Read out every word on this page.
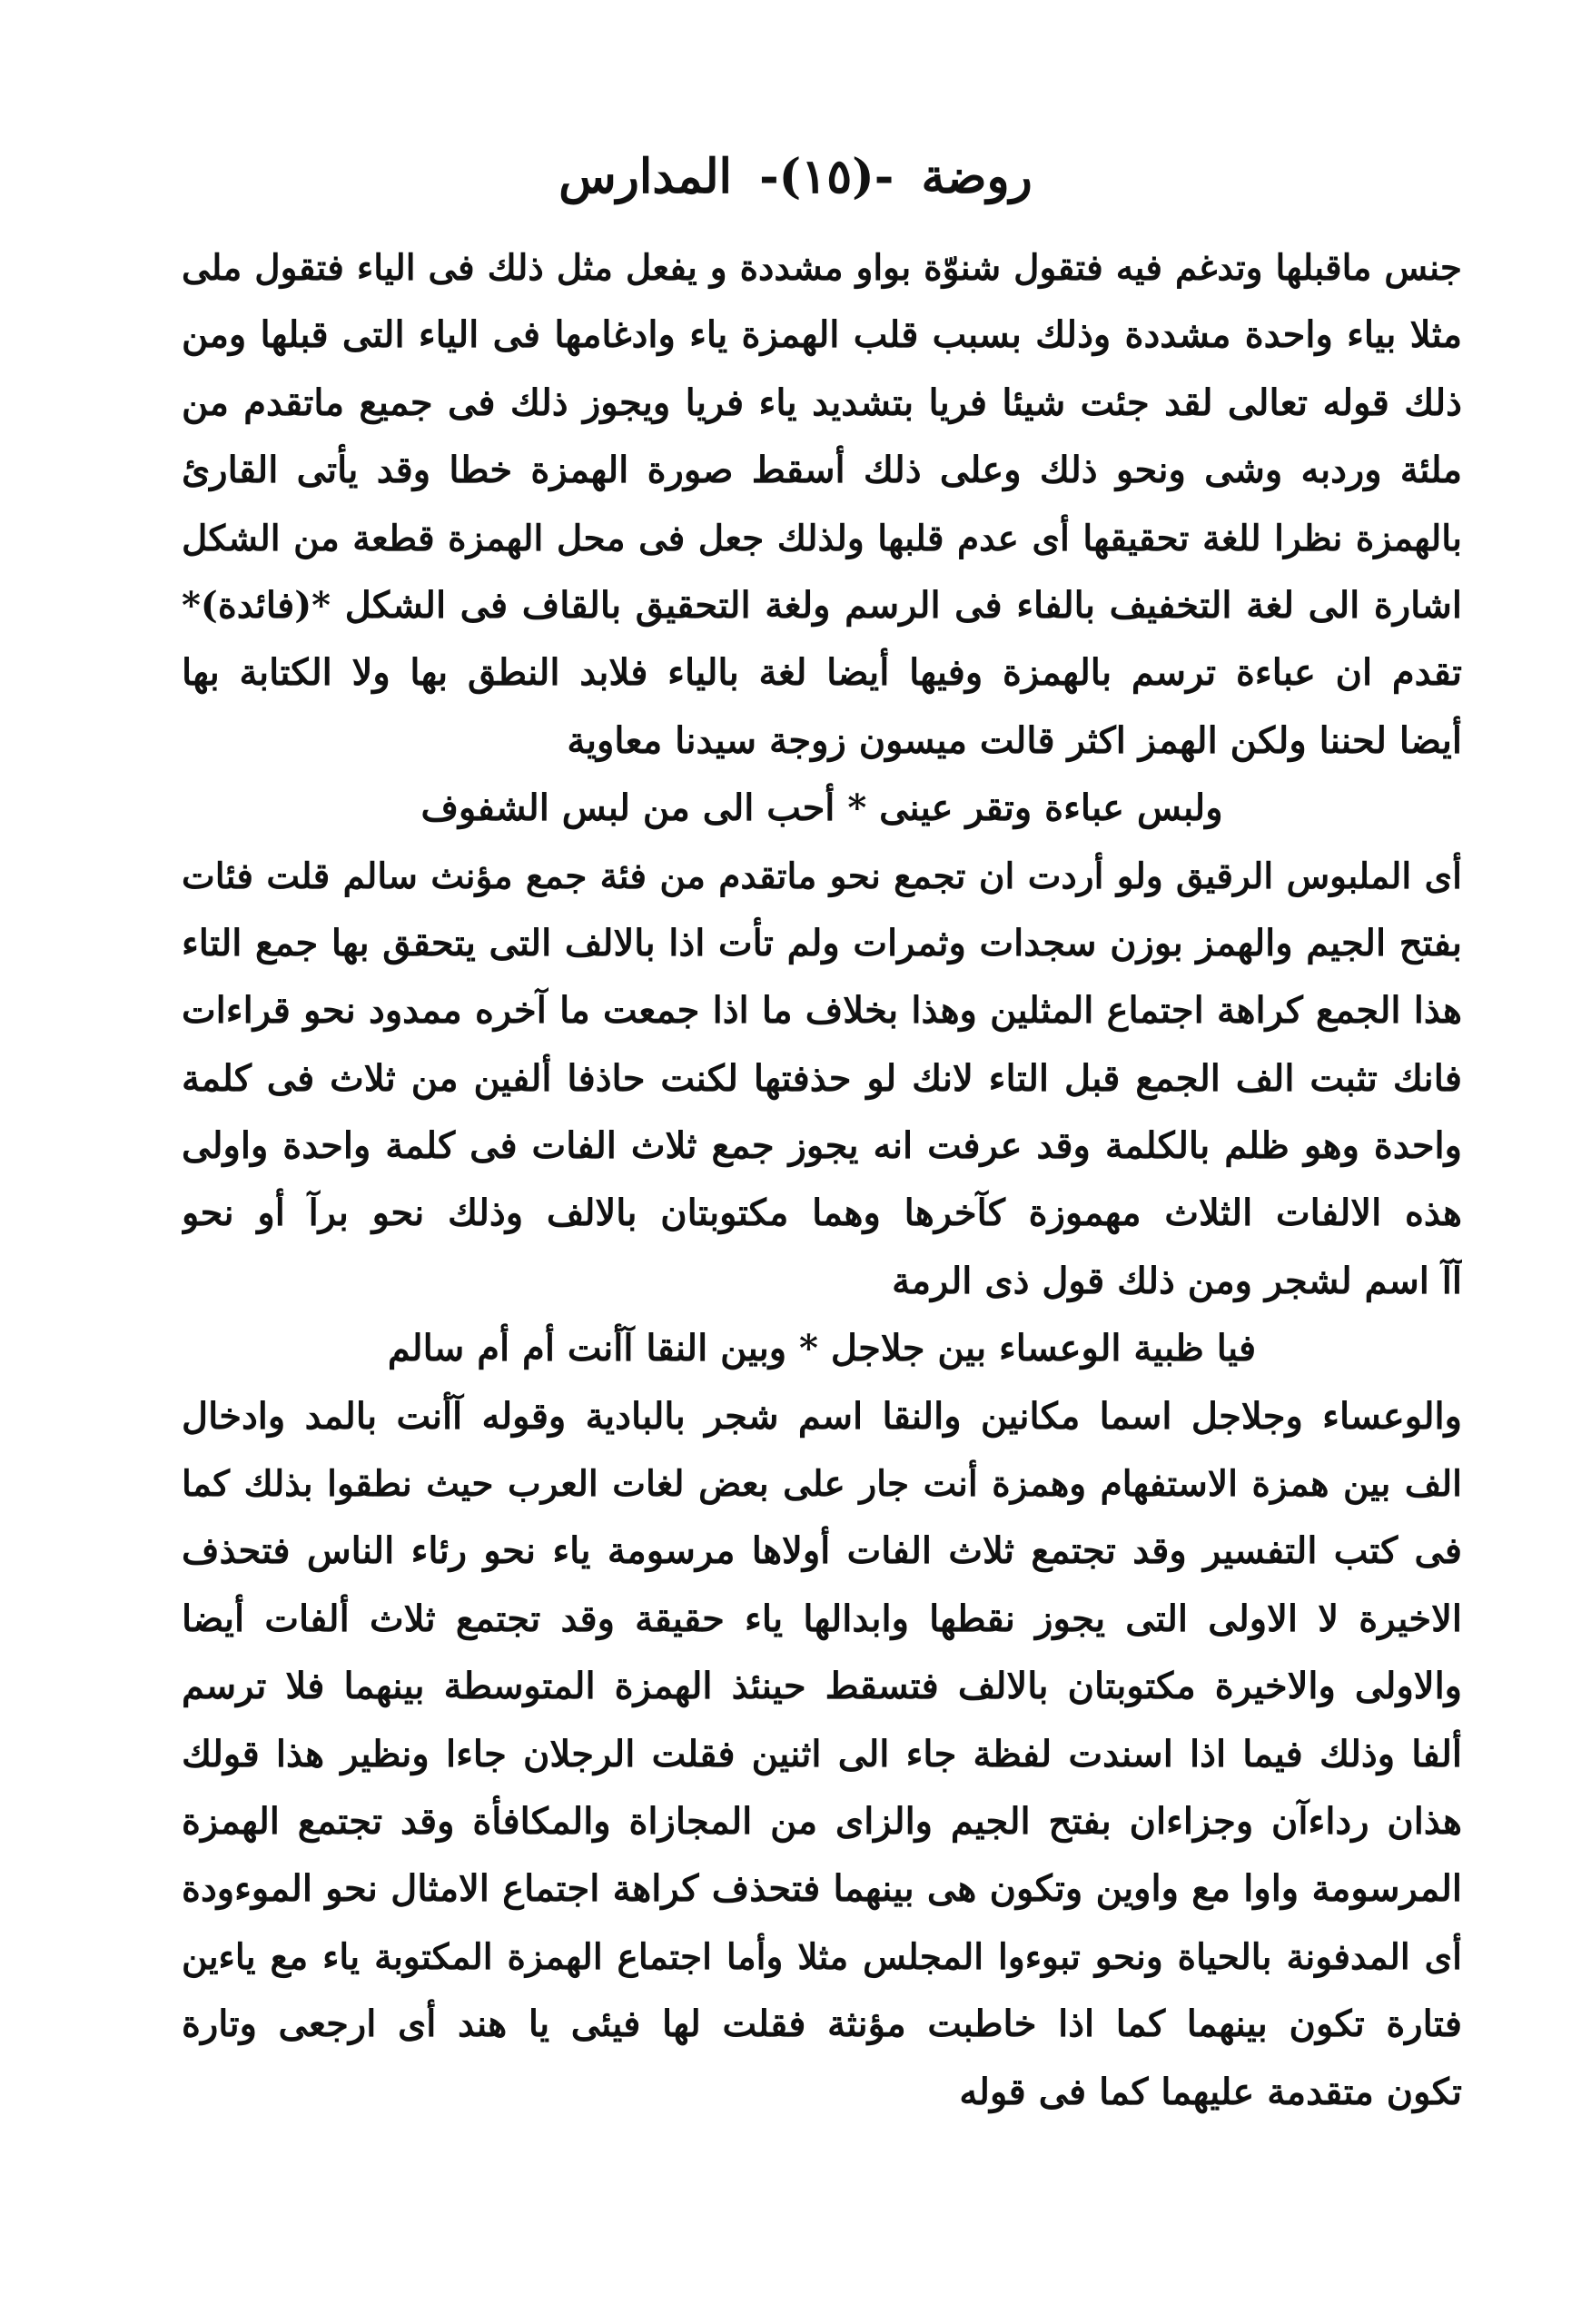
روضة -(١٥)- المدارس
جنس ماقبلها وتدغم فيه فتقول شنوّة بواو مشددة و يفعل مثل ذلك فى الياء فتقول ملى
مثلا بياء واحدة مشددة وذلك بسبب قلب الهمزة ياء وادغامها فى الياء التى قبلها ومن
ذلك قوله تعالى لقد جئت شيئا فريا بتشديد ياء فريا ويجوز ذلك فى جميع ماتقدم من
ملئة وردبه وشى ونحو ذلك وعلى ذلك أسقط صورة الهمزة خطا وقد يأتى القارئ
بالهمزة نظرا للغة تحقيقها أى عدم قلبها ولذلك جعل فى محل الهمزة قطعة من الشكل
اشارة الى لغة التخفيف بالفاء فى الرسم ولغة التحقيق بالقاف فى الشكل *(فائدة)*
تقدم ان عباءة ترسم بالهمزة وفيها أيضا لغة بالياء فلابد النطق بها ولا الكتابة بها
أيضا لحننا ولكن الهمز اكثر قالت ميسون زوجة سيدنا معاوية
ولبس عباءة وتقر عينى * أحب الى من لبس الشفوف
أى الملبوس الرقيق ولو أردت ان تجمع نحو ماتقدم من فئة جمع مؤنث سالم قلت فئات
بفتح الجيم والهمز بوزن سجدات وثمرات ولم تأت اذا بالالف التى يتحقق بها جمع التاء
هذا الجمع كراهة اجتماع المثلين وهذا بخلاف ما اذا جمعت ما آخره ممدود نحو قراءات
فانك تثبت الف الجمع قبل التاء لانك لو حذفتها لكنت حاذفا ألفين من ثلاث فى كلمة
واحدة وهو ظلم بالكلمة وقد عرفت انه يجوز جمع ثلاث الفات فى كلمة واحدة واولى
هذه الالفات الثلاث مهموزة كآخرها وهما مكتوبتان بالالف وذلك نحو برآ أو نحو
آآ اسم لشجر ومن ذلك قول ذى الرمة
فيا ظبية الوعساء بين جلاجل * وبين النقا آأنت أم أم سالم
والوعساء وجلاجل اسما مكانين والنقا اسم شجر بالبادية وقوله آأنت بالمد وادخال
الف بين همزة الاستفهام وهمزة أنت جار على بعض لغات العرب حيث نطقوا بذلك كما
فى كتب التفسير وقد تجتمع ثلاث الفات أولاها مرسومة ياء نحو رئاء الناس فتحذف
الاخيرة لا الاولى التى يجوز نقطها وابدالها ياء حقيقة وقد تجتمع ثلاث ألفات أيضا
والاولى والاخيرة مكتوبتان بالالف فتسقط حينئذ الهمزة المتوسطة بينهما فلا ترسم
ألفا وذلك فيما اذا اسندت لفظة جاء الى اثنين فقلت الرجلان جاءا ونظير هذا قولك
هذان رداءآن وجزاءان بفتح الجيم والزاى من المجازاة والمكافأة وقد تجتمع الهمزة
المرسومة واوا مع واوين وتكون هى بينهما فتحذف كراهة اجتماع الامثال نحو الموءودة
أى المدفونة بالحياة ونحو تبوءوا المجلس مثلا وأما اجتماع الهمزة المكتوبة ياء مع ياءين
فتارة تكون بينهما كما اذا خاطبت مؤنثة فقلت لها فيئى يا هند أى ارجعى وتارة
تكون متقدمة عليهما كما فى قوله
